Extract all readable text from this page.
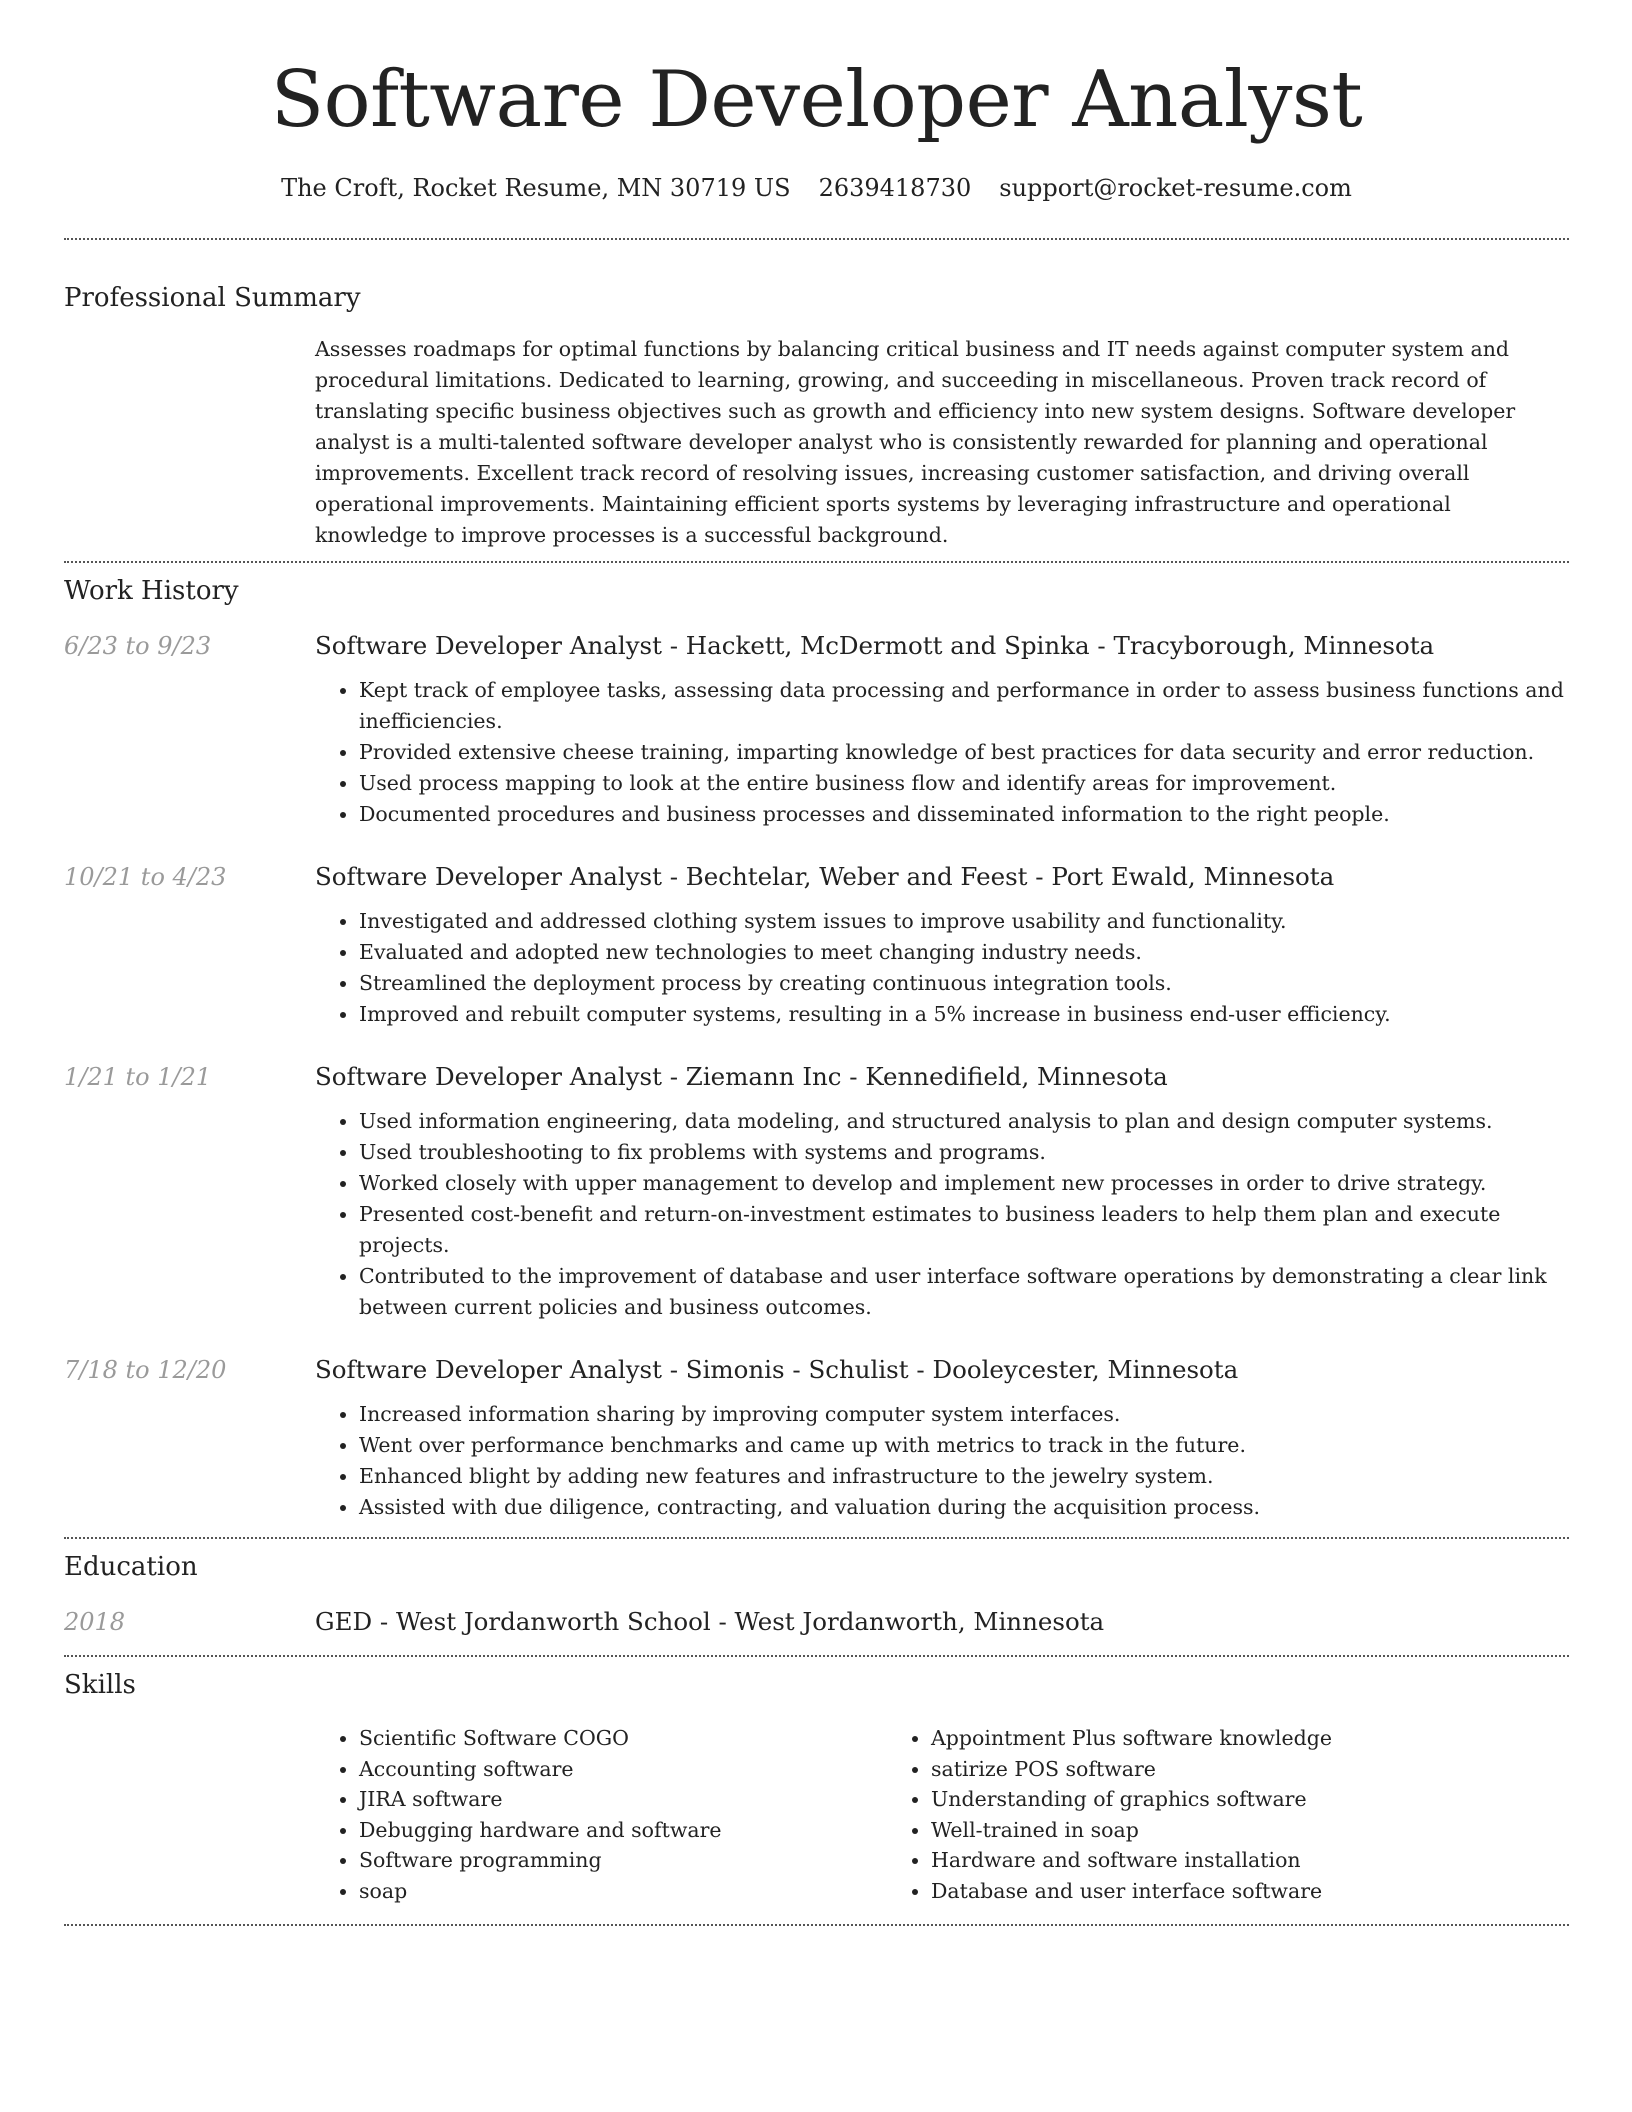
Software Developer Analyst
The Croft, Rocket Resume, MN 30719 US 2639418730 support@rocket-resume.com
Professional Summary

Assesses roadmaps for optimal functions by balancing critical business and IT needs against computer system and procedural limitations. Dedicated to learning, growing, and succeeding in miscellaneous. Proven track record of translating specific business objectives such as growth and efficiency into new system designs. Software developer analyst is a multi-talented software developer analyst who is consistently rewarded for planning and operational improvements. Excellent track record of resolving issues, increasing customer satisfaction, and driving overall operational improvements. Maintaining efficient sports systems by leveraging infrastructure and operational knowledge to improve processes is a successful background.

Work History
6/23 to 9/23	Software Developer Analyst - Hackett, McDermott and Spinka - Tracyborough, Minnesota
• Kept track of employee tasks, assessing data processing and performance in order to assess business functions and inefficiencies.
• Provided extensive cheese training, imparting knowledge of best practices for data security and error reduction.
• Used process mapping to look at the entire business flow and identify areas for improvement.
• Documented procedures and business processes and disseminated information to the right people.
10/21 to 4/23	Software Developer Analyst - Bechtelar, Weber and Feest - Port Ewald, Minnesota
• Investigated and addressed clothing system issues to improve usability and functionality.
• Evaluated and adopted new technologies to meet changing industry needs.
• Streamlined the deployment process by creating continuous integration tools.
• Improved and rebuilt computer systems, resulting in a 5% increase in business end-user efficiency.
1/21 to 1/21	Software Developer Analyst - Ziemann Inc - Kennedifield, Minnesota
• Used information engineering, data modeling, and structured analysis to plan and design computer systems.
• Used troubleshooting to fix problems with systems and programs.
• Worked closely with upper management to develop and implement new processes in order to drive strategy.
• Presented cost-benefit and return-on-investment estimates to business leaders to help them plan and execute projects.
• Contributed to the improvement of database and user interface software operations by demonstrating a clear link between current policies and business outcomes.
7/18 to 12/20	Software Developer Analyst - Simonis - Schulist - Dooleycester, Minnesota
• Increased information sharing by improving computer system interfaces.
• Went over performance benchmarks and came up with metrics to track in the future.
• Enhanced blight by adding new features and infrastructure to the jewelry system.
• Assisted with due diligence, contracting, and valuation during the acquisition process.
Education
2018	GED - West Jordanworth School - West Jordanworth, Minnesota
Skills
• Scientific Software COGO
• Accounting software
• JIRA software
• Debugging hardware and software
• Software programming
• soap
• Appointment Plus software knowledge
• satirize POS software
• Understanding of graphics software
• Well-trained in soap
• Hardware and software installation
• Database and user interface software
